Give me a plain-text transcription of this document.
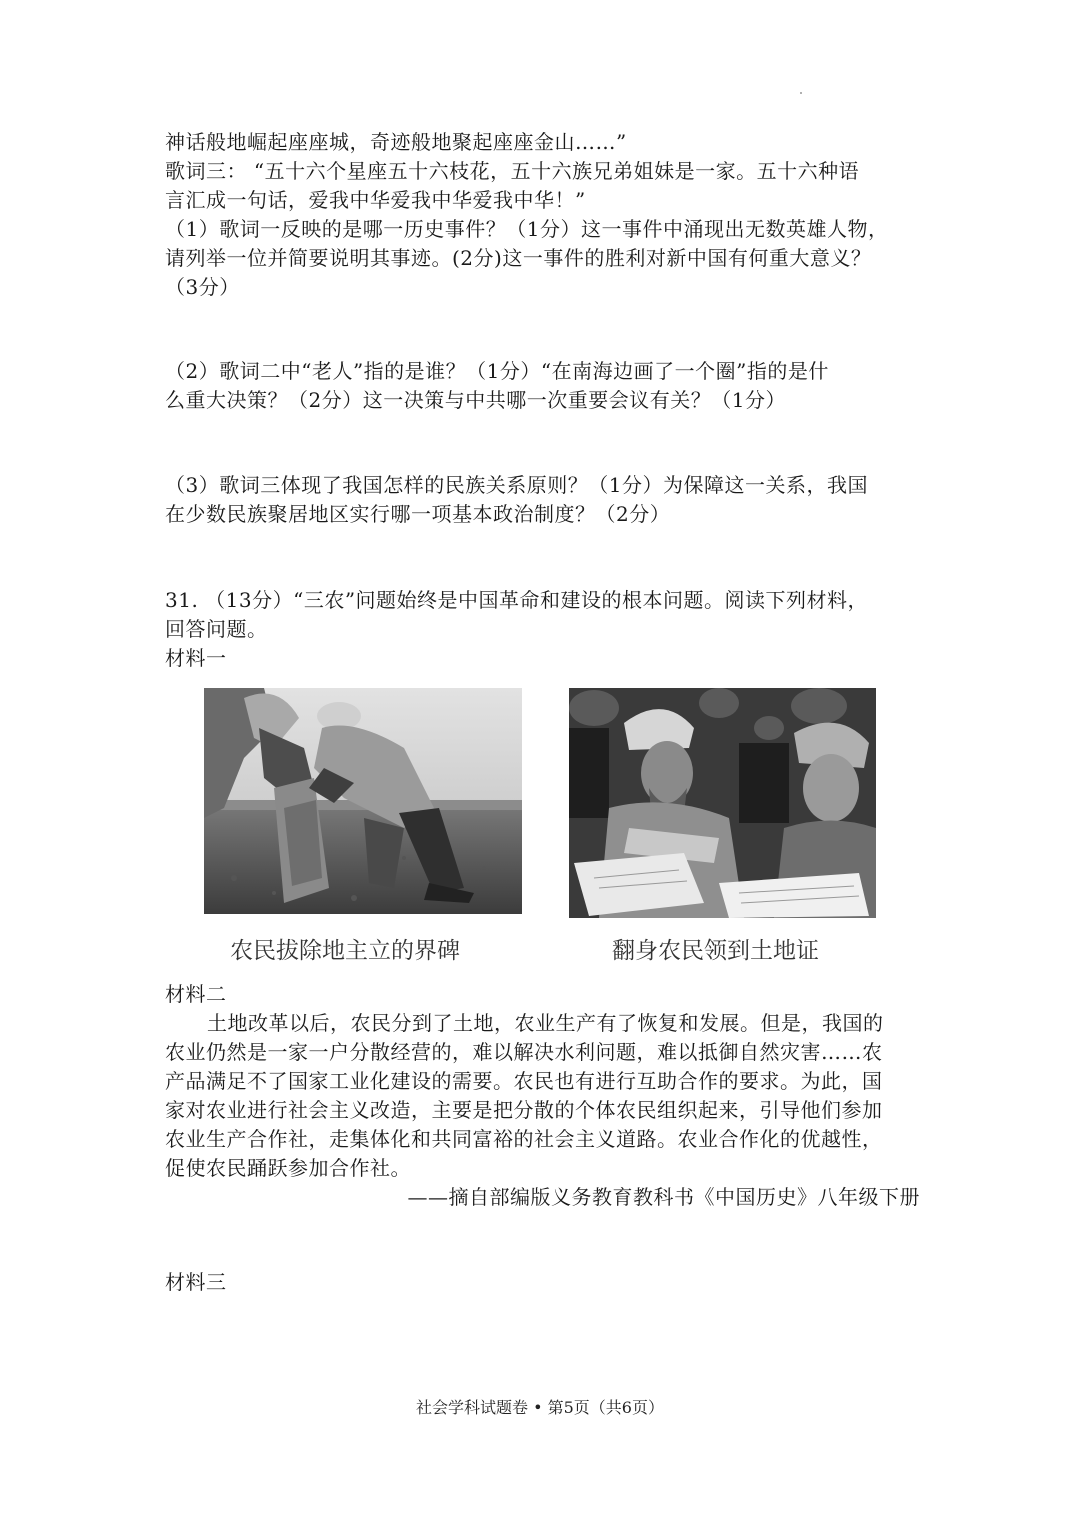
神话般地崛起座座城，奇迹般地聚起座座金山……”
歌词三： “五十六个星座五十六枝花，五十六族兄弟姐妹是一家。五十六种语
言汇成一句话，爱我中华爱我中华爱我中华！”
（1）歌词一反映的是哪一历史事件？（1分）这一事件中涌现出无数英雄人物，
请列举一位并简要说明其事迹。(2分)这一事件的胜利对新中国有何重大意义？
（3分）
（2）歌词二中“老人”指的是谁？（1分）“在南海边画了一个圈”指的是什
么重大决策？（2分）这一决策与中共哪一次重要会议有关？（1分）
（3）歌词三体现了我国怎样的民族关系原则？（1分）为保障这一关系，我国
在少数民族聚居地区实行哪一项基本政治制度？（2分）
31. （13分）“三农”问题始终是中国革命和建设的根本问题。阅读下列材料，
回答问题。
材料一
农民拔除地主立的界碑	翻身农民领到土地证
材料二
土地改革以后，农民分到了土地，农业生产有了恢复和发展。但是，我国的
农业仍然是一家一户分散经营的，难以解决水利问题，难以抵御自然灾害……农
产品满足不了国家工业化建设的需要。农民也有进行互助合作的要求。为此，国
家对农业进行社会主义改造，主要是把分散的个体农民组织起来，引导他们参加
农业生产合作社，走集体化和共同富裕的社会主义道路。农业合作化的优越性，
促使农民踊跃参加合作社。
——摘自部编版义务教育教科书《中国历史》八年级下册
材料三
社会学科试题卷 • 第5页（共6页）
